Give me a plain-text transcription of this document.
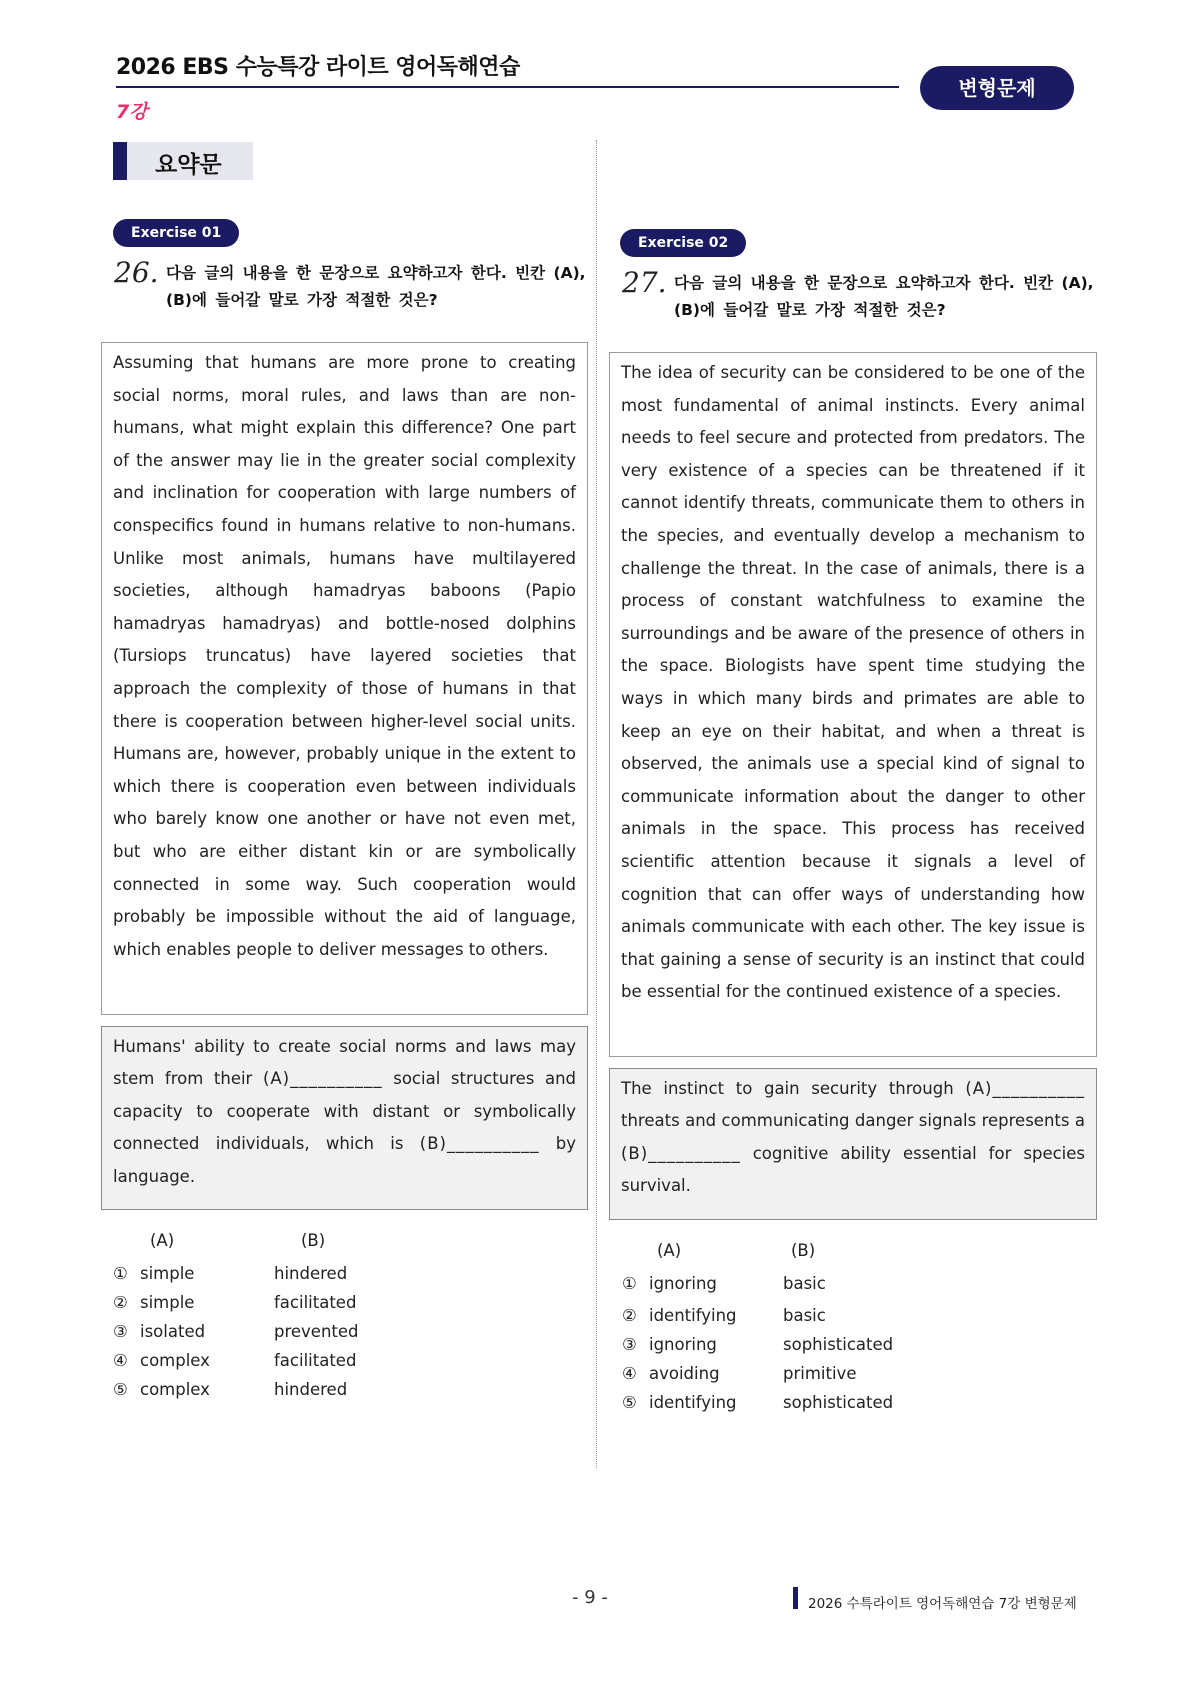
2026 EBS 수능특강 라이트 영어독해연습
7강
변형문제
요약문
Exercise 01
26. 다음 글의 내용을 한 문장으로 요약하고자 한다. 빈칸 (A),
(B)에 들어갈 말로 가장 적절한 것은?
Assuming that humans are more prone to creating social norms, moral rules, and laws than are non-humans, what might explain this difference? One part of the answer may lie in the greater social complexity and inclination for cooperation with large numbers of conspecifics found in humans relative to non-humans. Unlike most animals, humans have multilayered societies, although hamadryas baboons (Papio hamadryas hamadryas) and bottle-nosed dolphins (Tursiops truncatus) have layered societies that approach the complexity of those of humans in that there is cooperation between higher-level social units. Humans are, however, probably unique in the extent to which there is cooperation even between individuals who barely know one another or have not even met, but who are either distant kin or are symbolically connected in some way. Such cooperation would probably be impossible without the aid of language, which enables people to deliver messages to others.
Humans' ability to create social norms and laws may stem from their (A)__________ social structures and capacity to cooperate with distant or symbolically connected individuals, which is (B)__________ by language.
(A)	(B)
① simple	hindered
② simple	facilitated
③ isolated	prevented
④ complex	facilitated
⑤ complex	hindered
Exercise 02
27. 다음 글의 내용을 한 문장으로 요약하고자 한다. 빈칸 (A),
(B)에 들어갈 말로 가장 적절한 것은?
The idea of security can be considered to be one of the most fundamental of animal instincts. Every animal needs to feel secure and protected from predators. The very existence of a species can be threatened if it cannot identify threats, communicate them to others in the species, and eventually develop a mechanism to challenge the threat. In the case of animals, there is a process of constant watchfulness to examine the surroundings and be aware of the presence of others in the space. Biologists have spent time studying the ways in which many birds and primates are able to keep an eye on their habitat, and when a threat is observed, the animals use a special kind of signal to communicate information about the danger to other animals in the space. This process has received scientific attention because it signals a level of cognition that can offer ways of understanding how animals communicate with each other. The key issue is that gaining a sense of security is an instinct that could be essential for the continued existence of a species.
The instinct to gain security through (A)__________ threats and communicating danger signals represents a (B)__________ cognitive ability essential for species survival.
(A)	(B)
① ignoring	basic
② identifying	basic
③ ignoring	sophisticated
④ avoiding	primitive
⑤ identifying	sophisticated
- 9 -	2026 수특라이트 영어독해연습 7강 변형문제
